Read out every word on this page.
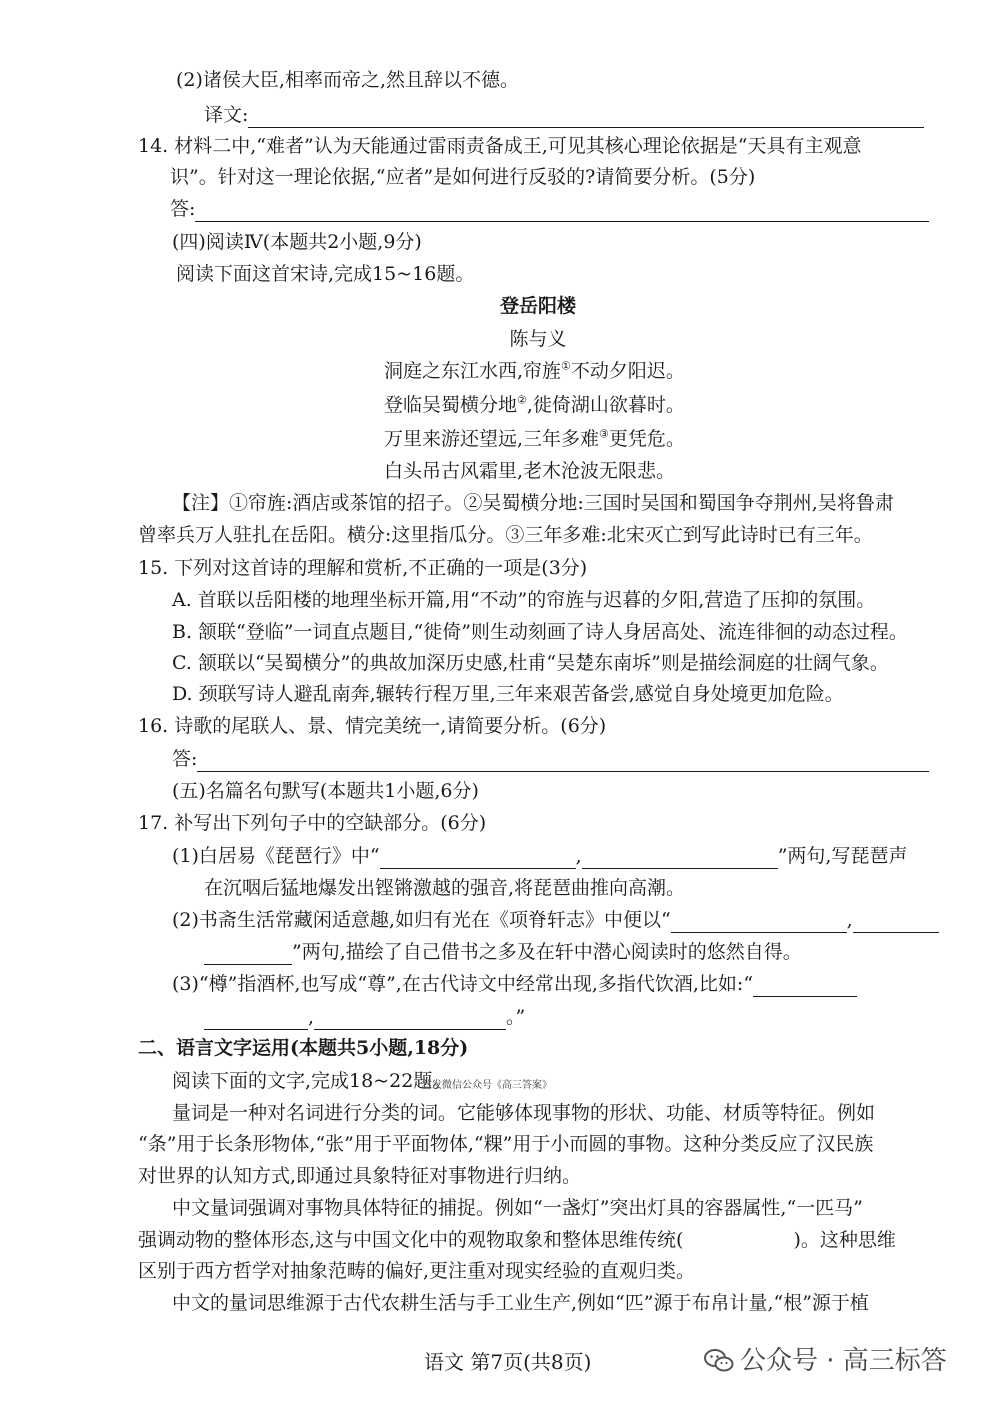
(2)诸侯大臣,相率而帝之,然且辞以不德。
译文:
14. 材料二中,“难者”认为天能通过雷雨责备成王,可见其核心理论依据是“天具有主观意
识”。针对这一理论依据,“应者”是如何进行反驳的?请简要分析。(5分)
答:
(四)阅读Ⅳ(本题共2小题,9分)
阅读下面这首宋诗,完成15~16题。
登岳阳楼
陈与义
洞庭之东江水西,帘旌①不动夕阳迟。
登临吴蜀横分地②,徙倚湖山欲暮时。
万里来游还望远,三年多难③更凭危。
白头吊古风霜里,老木沧波无限悲。
【注】①帘旌:酒店或茶馆的招子。②吴蜀横分地:三国时吴国和蜀国争夺荆州,吴将鲁肃
曾率兵万人驻扎在岳阳。横分:这里指瓜分。③三年多难:北宋灭亡到写此诗时已有三年。
15. 下列对这首诗的理解和赏析,不正确的一项是(3分)
A. 首联以岳阳楼的地理坐标开篇,用“不动”的帘旌与迟暮的夕阳,营造了压抑的氛围。
B. 颔联“登临”一词直点题目,“徙倚”则生动刻画了诗人身居高处、流连徘徊的动态过程。
C. 颔联以“吴蜀横分”的典故加深历史感,杜甫“吴楚东南坼”则是描绘洞庭的壮阔气象。
D. 颈联写诗人避乱南奔,辗转行程万里,三年来艰苦备尝,感觉自身处境更加危险。
16. 诗歌的尾联人、景、情完美统一,请简要分析。(6分)
答:
(五)名篇名句默写(本题共1小题,6分)
17. 补写出下列句子中的空缺部分。(6分)
(1)白居易《琵琶行》中“	,	”两句,写琵琶声
在沉咽后猛地爆发出铿锵激越的强音,将琵琶曲推向高潮。
(2)书斋生活常藏闲适意趣,如归有光在《项脊轩志》中便以“	,
”两句,描绘了自己借书之多及在轩中潜心阅读时的悠然自得。
(3)“樽”指酒杯,也写成“尊”,在古代诗文中经常出现,多指代饮酒,比如:“
,	。”
二、语言文字运用(本题共5小题,18分)
阅读下面的文字,完成18~22题。
首发微信公众号《高三答案》
量词是一种对名词进行分类的词。它能够体现事物的形状、功能、材质等特征。例如
“条”用于长条形物体,“张”用于平面物体,“粿”用于小而圆的事物。这种分类反应了汉民族
对世界的认知方式,即通过具象特征对事物进行归纳。
中文量词强调对事物具体特征的捕捉。例如“一盏灯”突出灯具的容器属性,“一匹马”
强调动物的整体形态,这与中国文化中的观物取象和整体思维传统(	)。这种思维
区别于西方哲学对抽象范畴的偏好,更注重对现实经验的直观归类。
中文的量词思维源于古代农耕生活与手工业生产,例如“匹”源于布帛计量,“根”源于植
语文 第7页(共8页)	公众号 · 高三标答
